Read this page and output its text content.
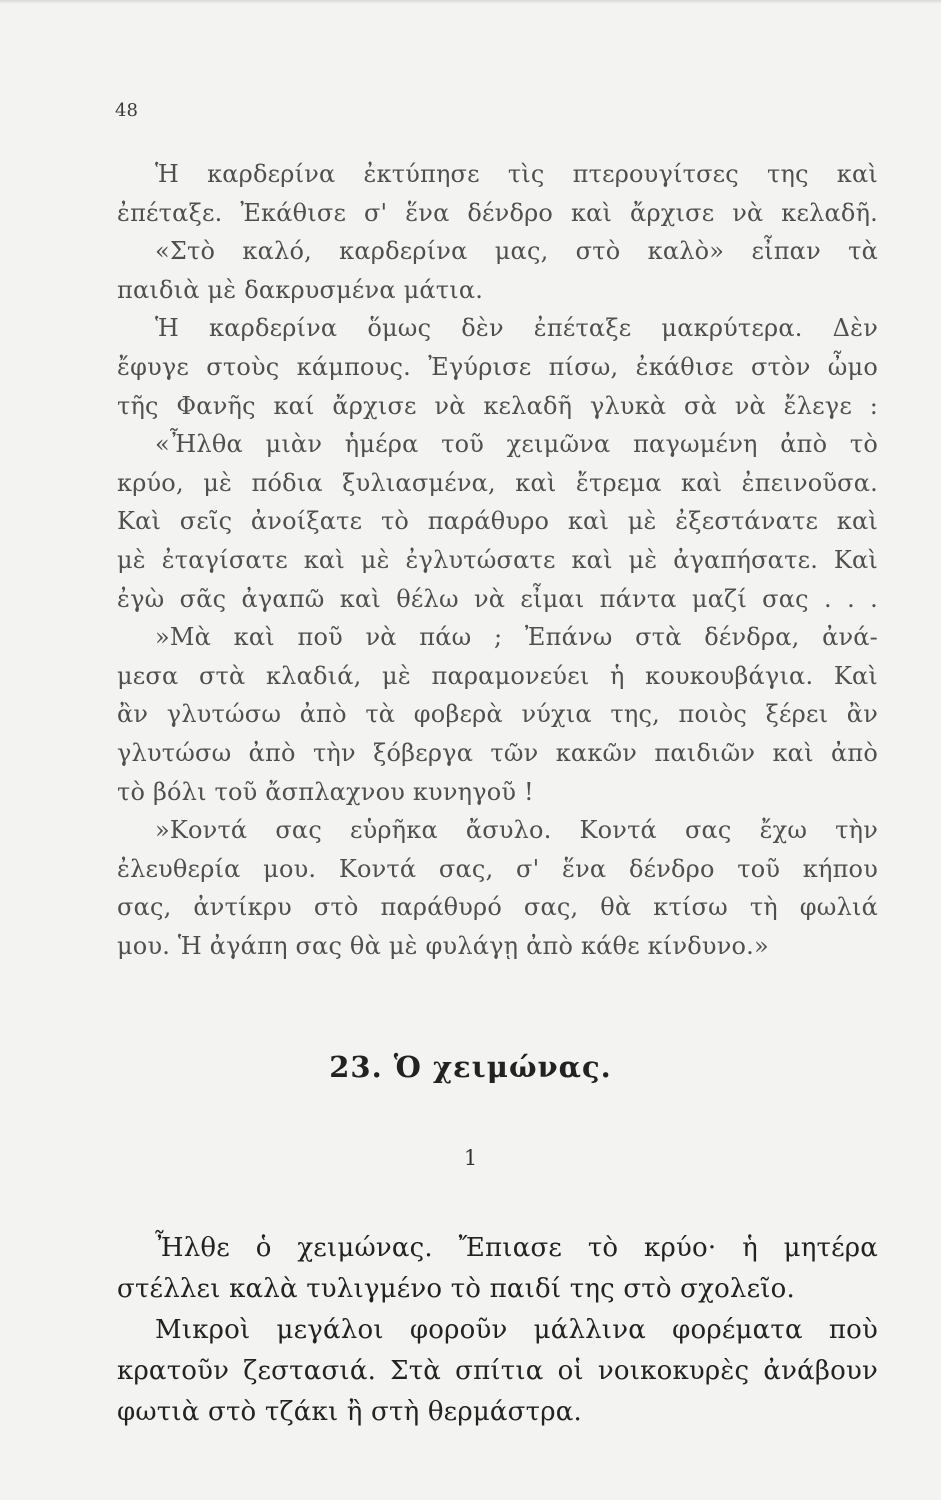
48
Ἡ καρδερίνα ἐκτύπησε τὶς πτερουγίτσες της καὶ
ἐπέταξε. Ἐκάθισε σ' ἕνα δένδρο καὶ ἄρχισε νὰ κελαδῆ.
«Στὸ καλό, καρδερίνα μας, στὸ καλὸ» εἶπαν τὰ
παιδιὰ μὲ δακρυσμένα μάτια.
Ἡ καρδερίνα ὅμως δὲν ἐπέταξε μακρύτερα. Δὲν
ἔφυγε στοὺς κάμπους. Ἐγύρισε πίσω, ἐκάθισε στὸν ὦμο
τῆς Φανῆς καί ἄρχισε νὰ κελαδῆ γλυκὰ σὰ νὰ ἔλεγε :
«Ἦλθα μιὰν ἡμέρα τοῦ χειμῶνα παγωμένη ἀπὸ τὸ
κρύο, μὲ πόδια ξυλιασμένα, καὶ ἔτρεμα καὶ ἐπεινοῦσα.
Καὶ σεῖς ἀνοίξατε τὸ παράθυρο καὶ μὲ ἐξεστάνατε καὶ
μὲ ἐταγίσατε καὶ μὲ ἐγλυτώσατε καὶ μὲ ἀγαπήσατε. Καὶ
ἐγὼ σᾶς ἀγαπῶ καὶ θέλω νὰ εἶμαι πάντα μαζί σας . . .
»Μὰ καὶ ποῦ νὰ πάω ; Ἐπάνω στὰ δένδρα, ἀνά-
μεσα στὰ κλαδιά, μὲ παραμονεύει ἡ κουκουβάγια. Καὶ
ἂν γλυτώσω ἀπὸ τὰ φοβερὰ νύχια της, ποιὸς ξέρει ἂν
γλυτώσω ἀπὸ τὴν ξόβεργα τῶν κακῶν παιδιῶν καὶ ἀπὸ
τὸ βόλι τοῦ ἄσπλαχνου κυνηγοῦ !
»Κοντά σας εὑρῆκα ἄσυλο. Κοντά σας ἔχω τὴν
ἐλευθερία μου. Κοντά σας, σ' ἕνα δένδρο τοῦ κήπου
σας, ἀντίκρυ στὸ παράθυρό σας, θὰ κτίσω τὴ φωλιά
μου. Ἡ ἀγάπη σας θὰ μὲ φυλάγῃ ἀπὸ κάθε κίνδυνο.»
23. Ὁ χειμώνας.
1
Ἦλθε ὁ χειμώνας. Ἔπιασε τὸ κρύο· ἡ μητέρα
στέλλει καλὰ τυλιγμένο τὸ παιδί της στὸ σχολεῖο.
Μικροὶ μεγάλοι φοροῦν μάλλινα φορέματα ποὺ
κρατοῦν ζεστασιά. Στὰ σπίτια οἱ νοικοκυρὲς ἀνάβουν
φωτιὰ στὸ τζάκι ἢ στὴ θερμάστρα.
